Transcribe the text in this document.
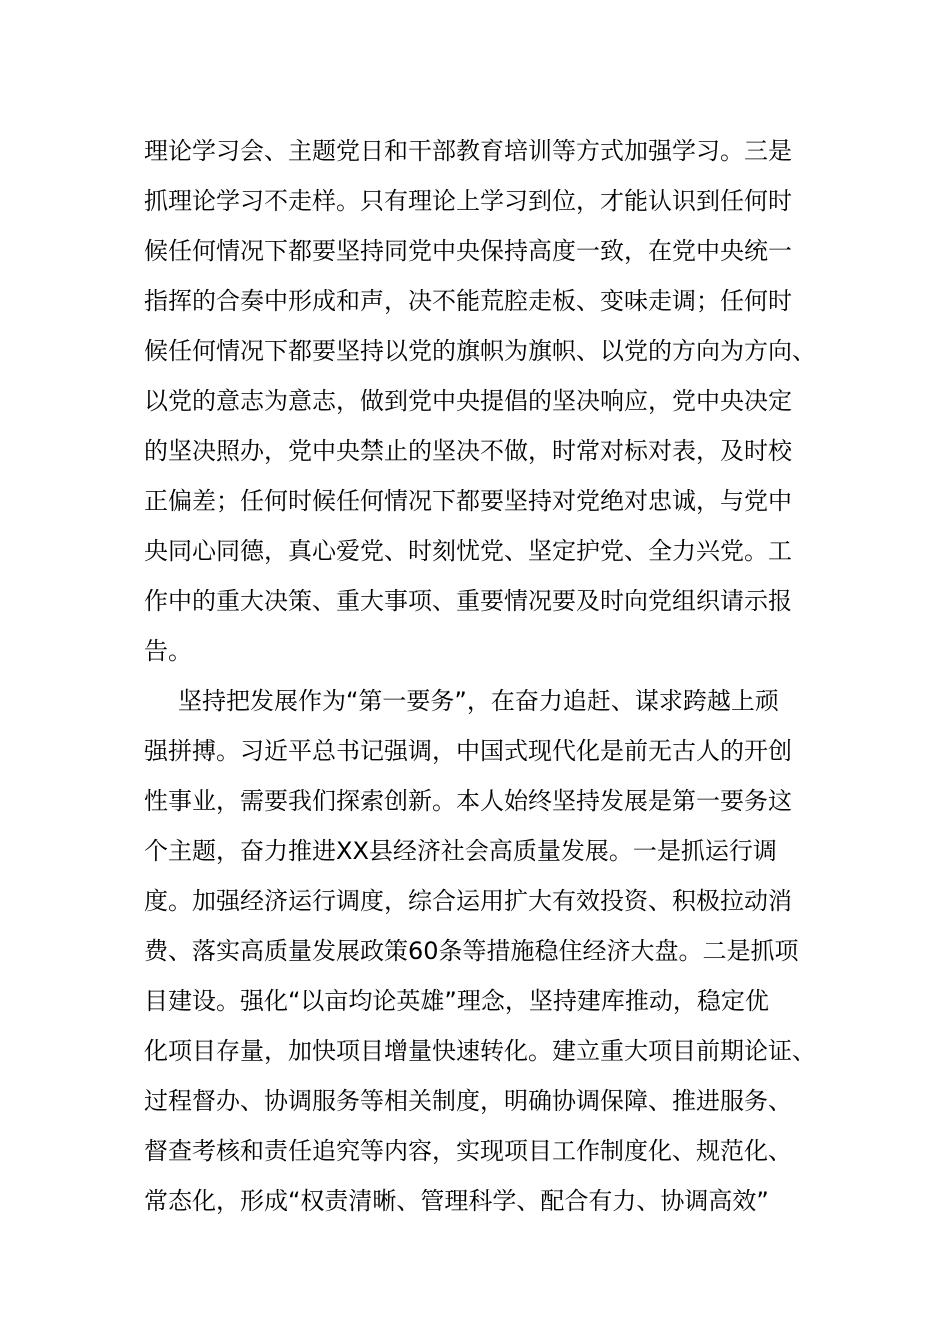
理论学习会、主题党日和干部教育培训等方式加强学习。三是
抓理论学习不走样。只有理论上学习到位，才能认识到任何时
候任何情况下都要坚持同党中央保持高度一致，在党中央统一
指挥的合奏中形成和声，决不能荒腔走板、变味走调；任何时
候任何情况下都要坚持以党的旗帜为旗帜、以党的方向为方向、
以党的意志为意志，做到党中央提倡的坚决响应，党中央决定
的坚决照办，党中央禁止的坚决不做，时常对标对表，及时校
正偏差；任何时候任何情况下都要坚持对党绝对忠诚，与党中
央同心同德，真心爱党、时刻忧党、坚定护党、全力兴党。工
作中的重大决策、重大事项、重要情况要及时向党组织请示报
告。
坚持把发展作为“第一要务”，在奋力追赶、谋求跨越上顽
强拼搏。习近平总书记强调，中国式现代化是前无古人的开创
性事业，需要我们探索创新。本人始终坚持发展是第一要务这
个主题，奋力推进XX县经济社会高质量发展。一是抓运行调
度。加强经济运行调度，综合运用扩大有效投资、积极拉动消
费、落实高质量发展政策60条等措施稳住经济大盘。二是抓项
目建设。强化“以亩均论英雄”理念，坚持建库推动，稳定优
化项目存量，加快项目增量快速转化。建立重大项目前期论证、
过程督办、协调服务等相关制度，明确协调保障、推进服务、
督查考核和责任追究等内容，实现项目工作制度化、规范化、
常态化，形成“权责清晰、管理科学、配合有力、协调高效”
